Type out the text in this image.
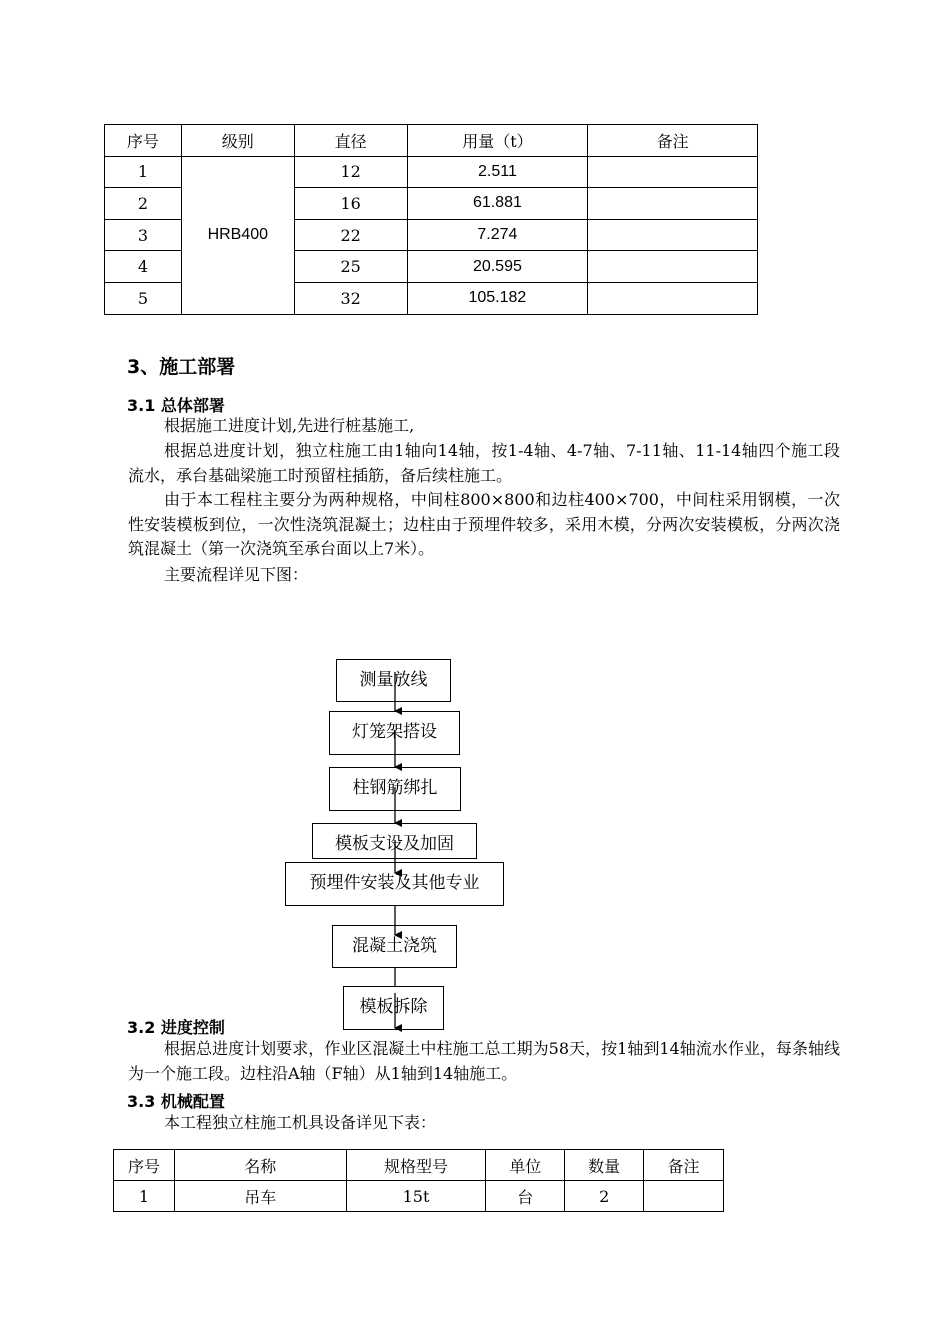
序号	级别	直径	用量（t）	备注
1	HRB400	12	2.511	
2		16	61.881	
3		22	7.274	
4		25	20.595	
5		32	105.182	
3、施工部署
3.1 总体部署

根据施工进度计划,先进行桩基施工,

根据总进度计划，独立柱施工由1轴向14轴，按1-4轴、4-7轴、7-11轴、11-14轴四个施工段流水，承台基础梁施工时预留柱插筋，备后续柱施工。

由于本工程柱主要分为两种规格，中间柱800×800和边柱400×700，中间柱采用钢模，一次性安装模板到位，一次性浇筑混凝土；边柱由于预埋件较多，采用木模，分两次安装模板，分两次浇筑混凝土（第一次浇筑至承台面以上7米）。

主要流程详见下图：

测量放线
灯笼架搭设
柱钢筋绑扎
模板支设及加固
预埋件安装及其他专业
混凝土浇筑
模板拆除
3.2 进度控制

根据总进度计划要求，作业区混凝土中柱施工总工期为58天，按1轴到14轴流水作业，每条轴线为一个施工段。边柱沿A轴（F轴）从1轴到14轴施工。

3.3 机械配置

本工程独立柱施工机具设备详见下表：

序号	名称	规格型号	单位	数量	备注
1	吊车	15t	台	2	
